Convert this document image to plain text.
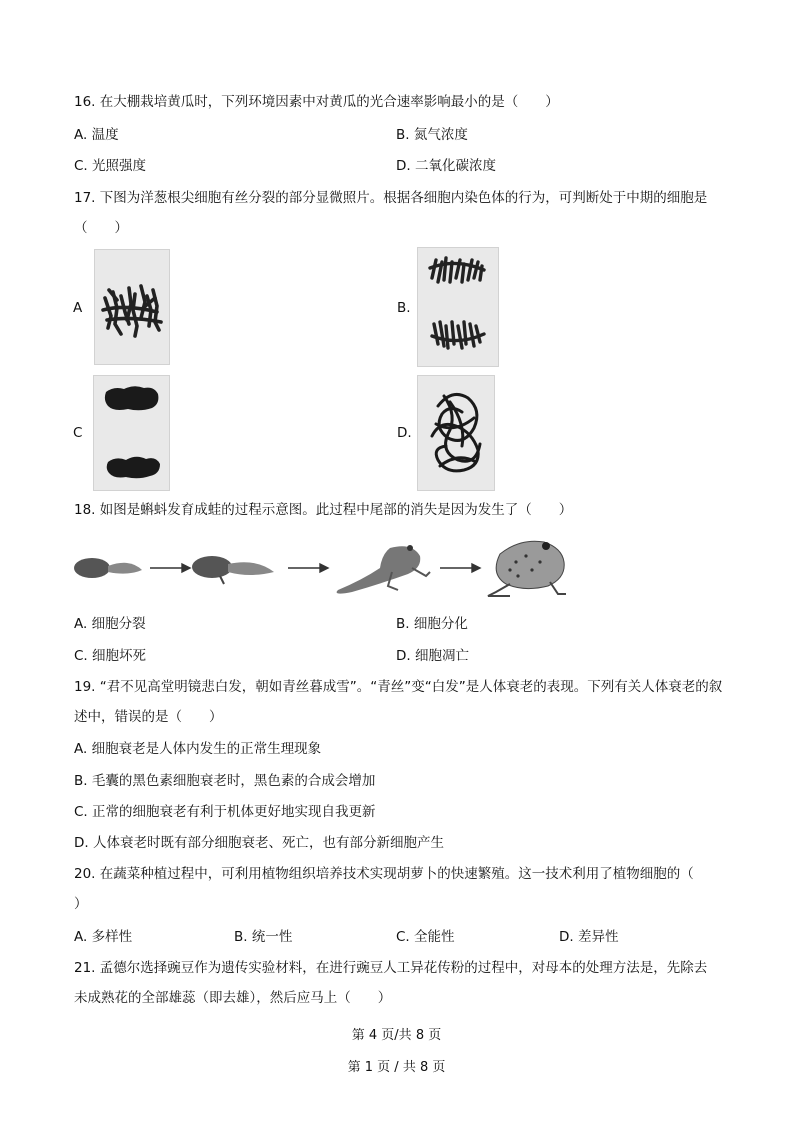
16. 在大棚栽培黄瓜时，下列环境因素中对黄瓜的光合速率影响最小的是（　　）
A. 温度	B. 氮气浓度
C. 光照强度	D. 二氧化碳浓度
17. 下图为洋葱根尖细胞有丝分裂的部分显微照片。根据各细胞内染色体的行为，可判断处于中期的细胞是
（　　）
A	B.
C	D.
18. 如图是蝌蚪发育成蛙的过程示意图。此过程中尾部的消失是因为发生了（　　）
A. 细胞分裂	B. 细胞分化
C. 细胞坏死	D. 细胞凋亡
19. “君不见高堂明镜悲白发，朝如青丝暮成雪”。“青丝”变“白发”是人体衰老的表现。下列有关人体衰老的叙
述中，错误的是（　　）
A. 细胞衰老是人体内发生的正常生理现象
B. 毛囊的黑色素细胞衰老时，黑色素的合成会增加
C. 正常的细胞衰老有利于机体更好地实现自我更新
D. 人体衰老时既有部分细胞衰老、死亡，也有部分新细胞产生
20. 在蔬菜种植过程中，可利用植物组织培养技术实现胡萝卜的快速繁殖。这一技术利用了植物细胞的（
）
A. 多样性	B. 统一性	C. 全能性	D. 差异性
21. 孟德尔选择豌豆作为遗传实验材料，在进行豌豆人工异花传粉的过程中，对母本的处理方法是，先除去
未成熟花的全部雄蕊（即去雄），然后应马上（　　）
第 4 页/共 8 页
第 1 页 / 共 8 页
